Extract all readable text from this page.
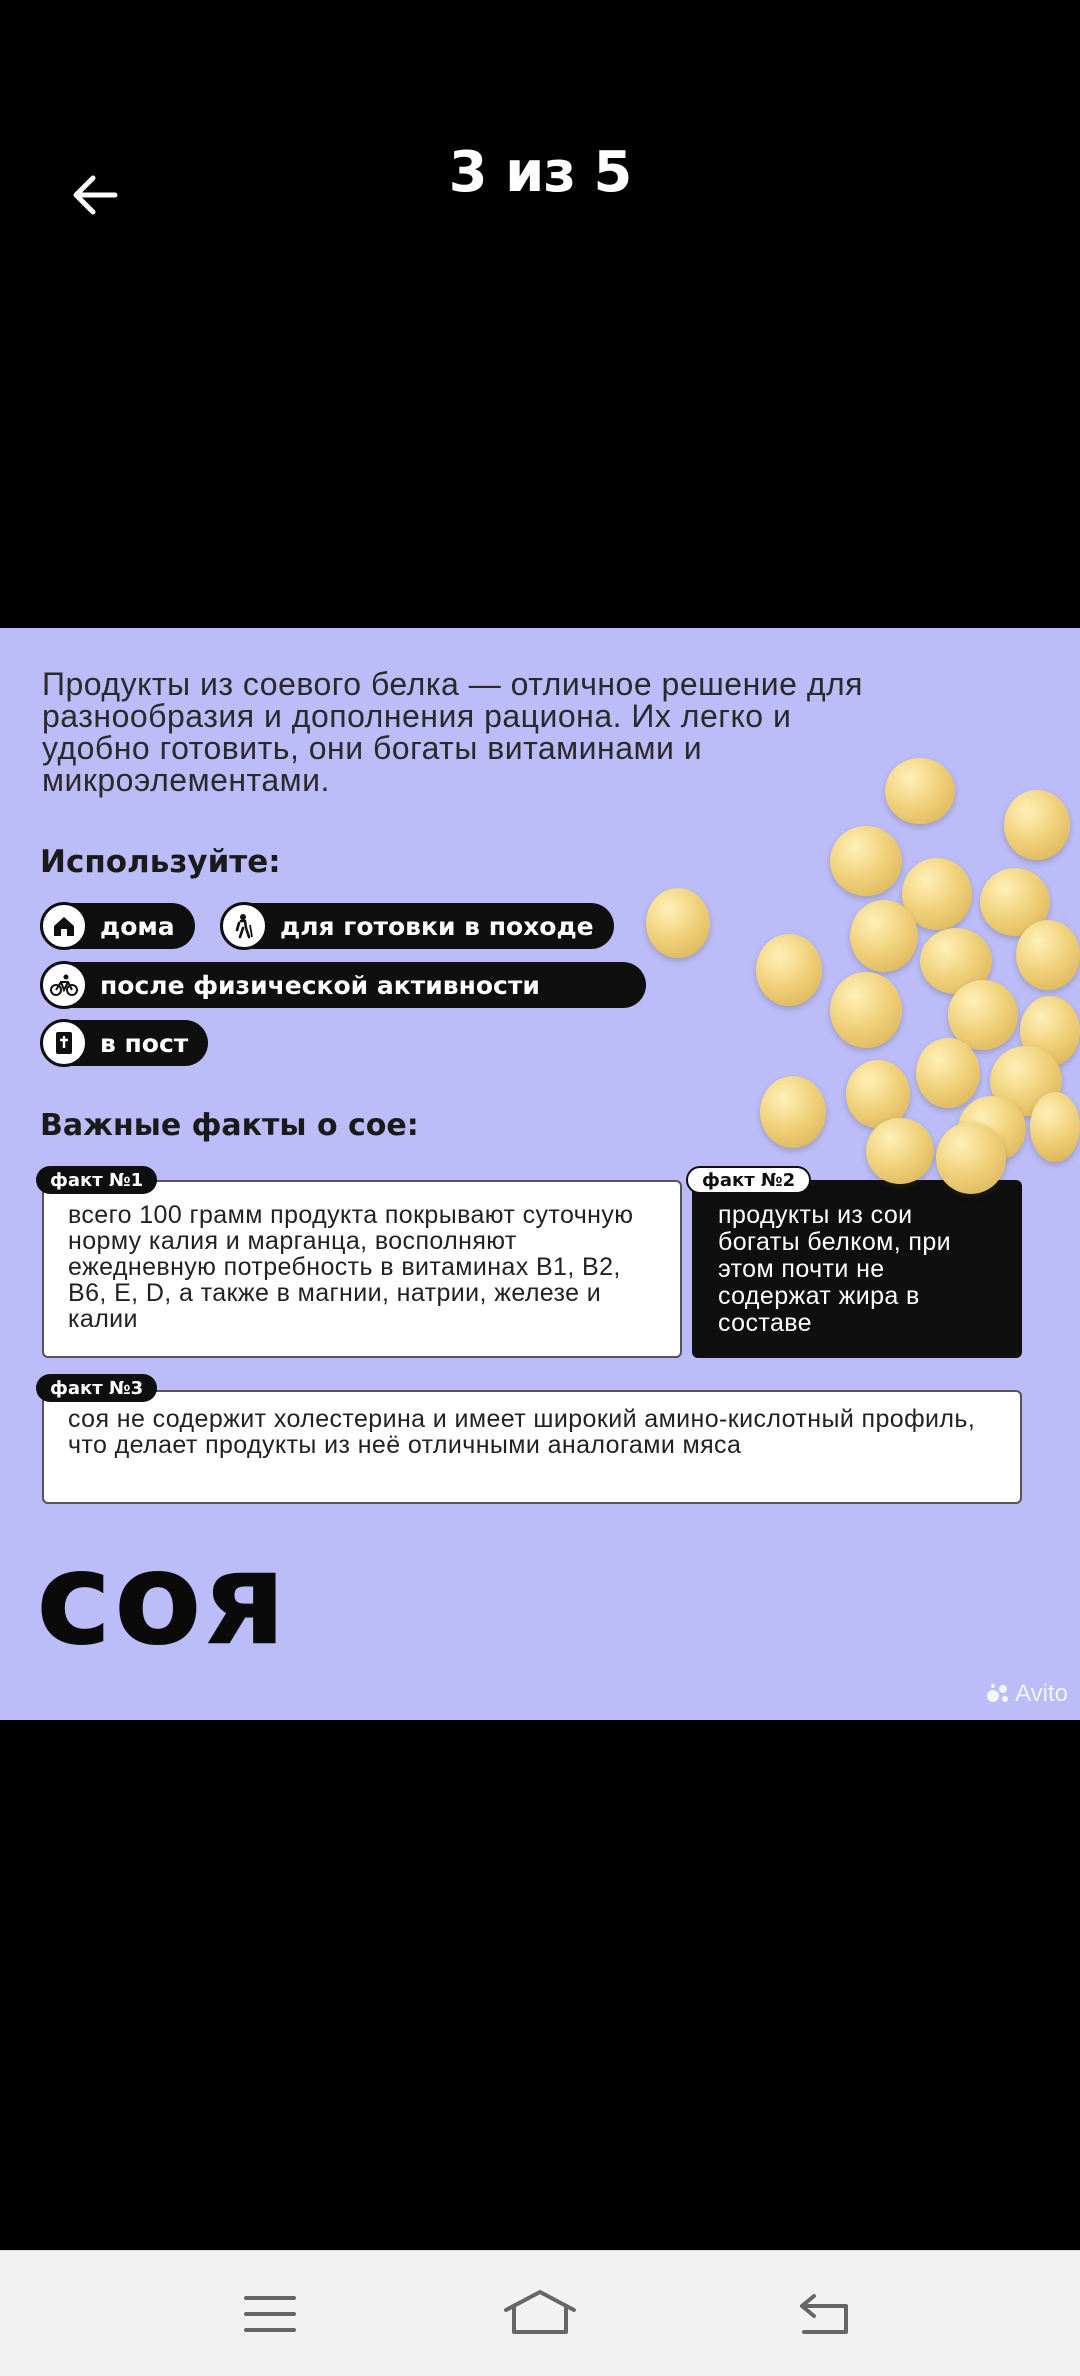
3 из 5
Продукты из соевого белка — отличное решение для разнообразия и дополнения рациона. Их легко и удобно готовить, они богаты витаминами и микроэлементами.
Используйте:
дома	для готовки в походе
после физической активности
в пост
Важные факты о сое:
всего 100 грамм продукта покрывают суточную норму калия и марганца, восполняют ежедневную потребность в витаминах B1, B2, B6, E, D, а также в магнии, натрии, железе и калии
факт №1
продукты из сои богаты белком, при этом почти не содержат жира в составе
факт №2
соя не содержит холестерина и имеет широкий амино-кислотный профиль, что делает продукты из неё отличными аналогами мяса
факт №3
соя
Avito
